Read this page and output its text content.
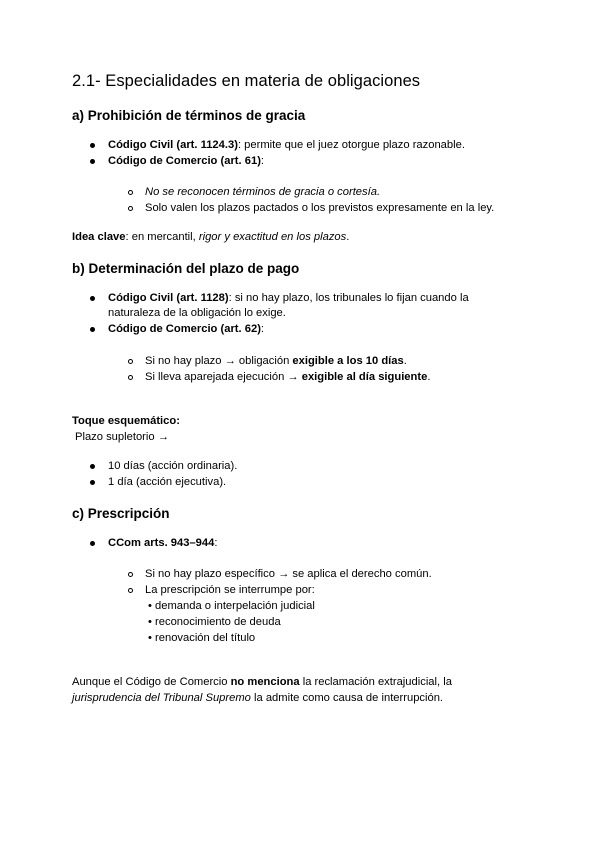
2.1- Especialidades en materia de obligaciones
a) Prohibición de términos de gracia
Código Civil (art. 1124.3): permite que el juez otorgue plazo razonable.
Código de Comercio (art. 61):
No se reconocen términos de gracia o cortesía.
Solo valen los plazos pactados o los previstos expresamente en la ley.
Idea clave: en mercantil, rigor y exactitud en los plazos.
b) Determinación del plazo de pago
Código Civil (art. 1128): si no hay plazo, los tribunales lo fijan cuando la
naturaleza de la obligación lo exige.
Código de Comercio (art. 62):
Si no hay plazo → obligación exigible a los 10 días.
Si lleva aparejada ejecución → exigible al día siguiente.
Toque esquemático:
Plazo supletorio →
10 días (acción ordinaria).
1 día (acción ejecutiva).
c) Prescripción
CCom arts. 943–944:
Si no hay plazo específico → se aplica el derecho común.
La prescripción se interrumpe por:
• demanda o interpelación judicial
• reconocimiento de deuda
• renovación del título
Aunque el Código de Comercio no menciona la reclamación extrajudicial, la
jurisprudencia del Tribunal Supremo la admite como causa de interrupción.
